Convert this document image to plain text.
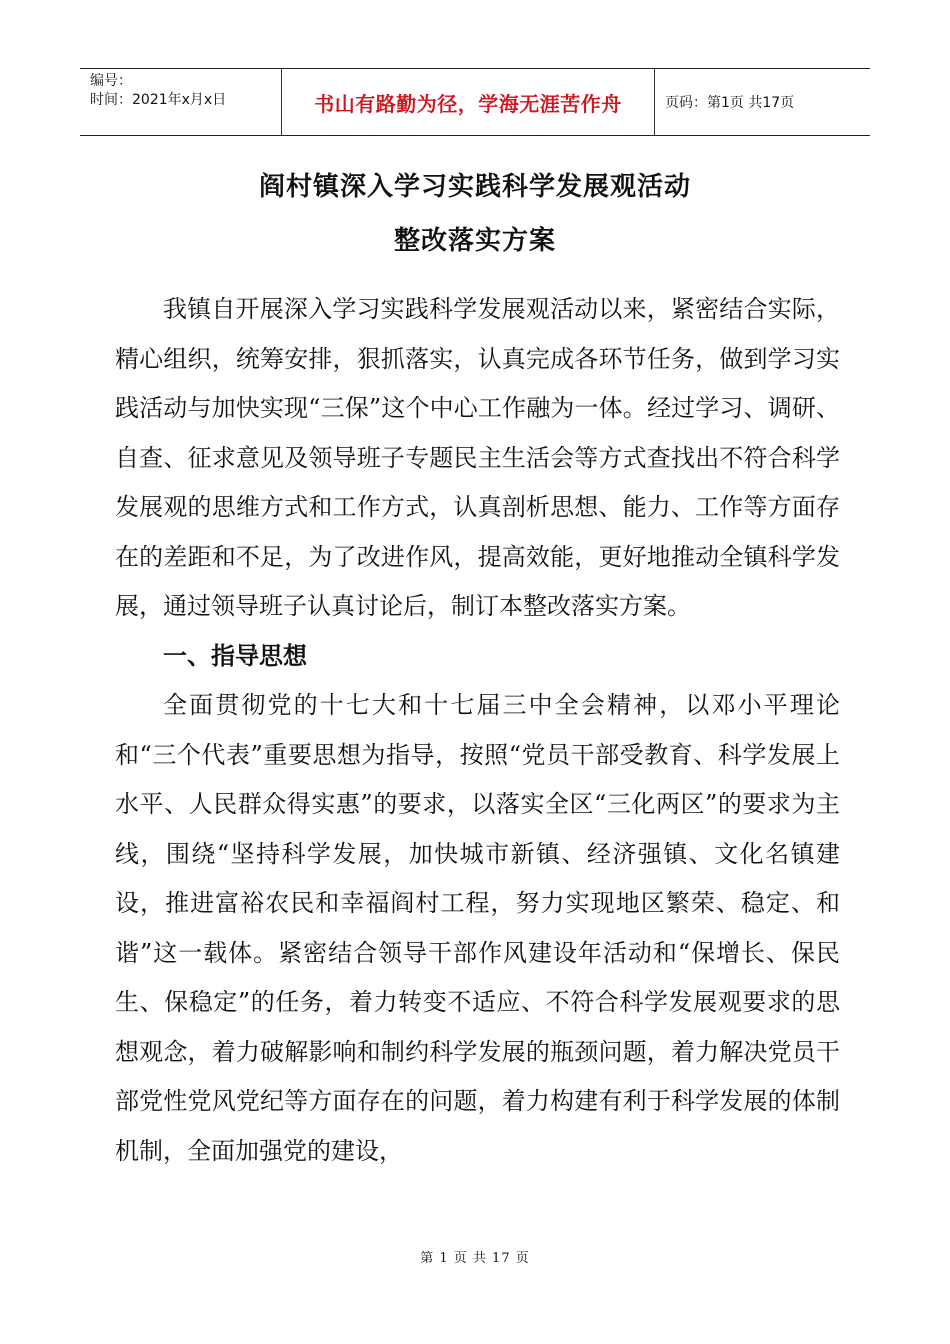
编号：
时间：2021年x月x日	书山有路勤为径，学海无涯苦作舟	页码：第1页 共17页
阎村镇深入学习实践科学发展观活动
整改落实方案

我镇自开展深入学习实践科学发展观活动以来，紧密结合实际，精心组织，统筹安排，狠抓落实，认真完成各环节任务，做到学习实践活动与加快实现“三保”这个中心工作融为一体。经过学习、调研、自查、征求意见及领导班子专题民主生活会等方式查找出不符合科学发展观的思维方式和工作方式，认真剖析思想、能力、工作等方面存在的差距和不足，为了改进作风，提高效能，更好地推动全镇科学发展，通过领导班子认真讨论后，制订本整改落实方案。

一、指导思想

全面贯彻党的十七大和十七届三中全会精神，以邓小平理论和“三个代表”重要思想为指导，按照“党员干部受教育、科学发展上水平、人民群众得实惠”的要求，以落实全区“三化两区”的要求为主线，围绕“坚持科学发展，加快城市新镇、经济强镇、文化名镇建设，推进富裕农民和幸福阎村工程，努力实现地区繁荣、稳定、和谐”这一载体。紧密结合领导干部作风建设年活动和“保增长、保民生、保稳定”的任务，着力转变不适应、不符合科学发展观要求的思想观念，着力破解影响和制约科学发展的瓶颈问题，着力解决党员干部党性党风党纪等方面存在的问题，着力构建有利于科学发展的体制机制，全面加强党的建设，

第 1 页 共 17 页
